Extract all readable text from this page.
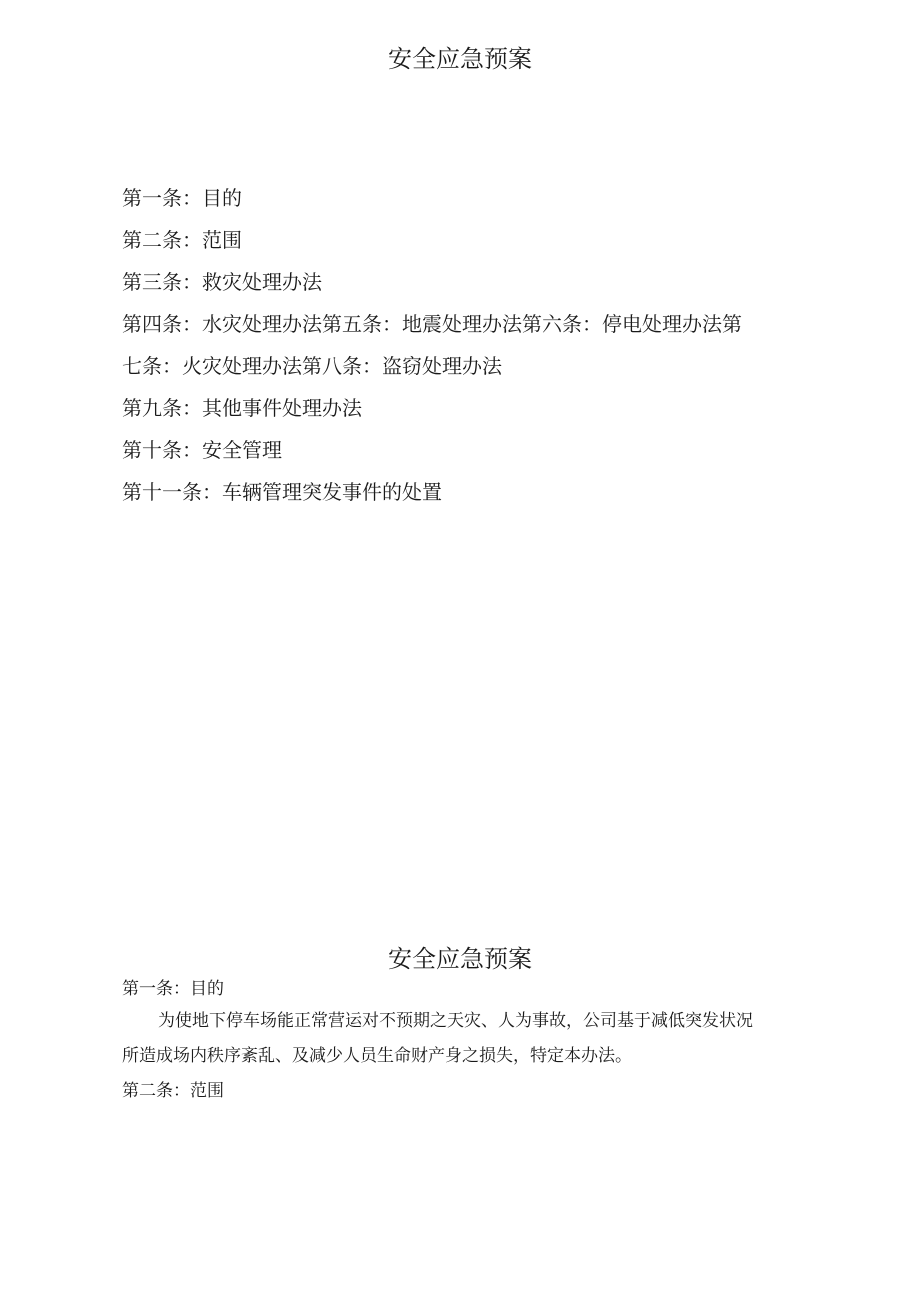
安全应急预案
第一条：目的
第二条：范围
第三条：救灾处理办法
第四条：水灾处理办法第五条：地震处理办法第六条：停电处理办法第
七条：火灾处理办法第八条：盗窃处理办法
第九条：其他事件处理办法
第十条：安全管理
第十一条：车辆管理突发事件的处置
安全应急预案
第一条：目的
为使地下停车场能正常营运对不预期之天灾、人为事故，公司基于减低突发状况
所造成场内秩序紊乱、及减少人员生命财产身之损失，特定本办法。
第二条：范围
